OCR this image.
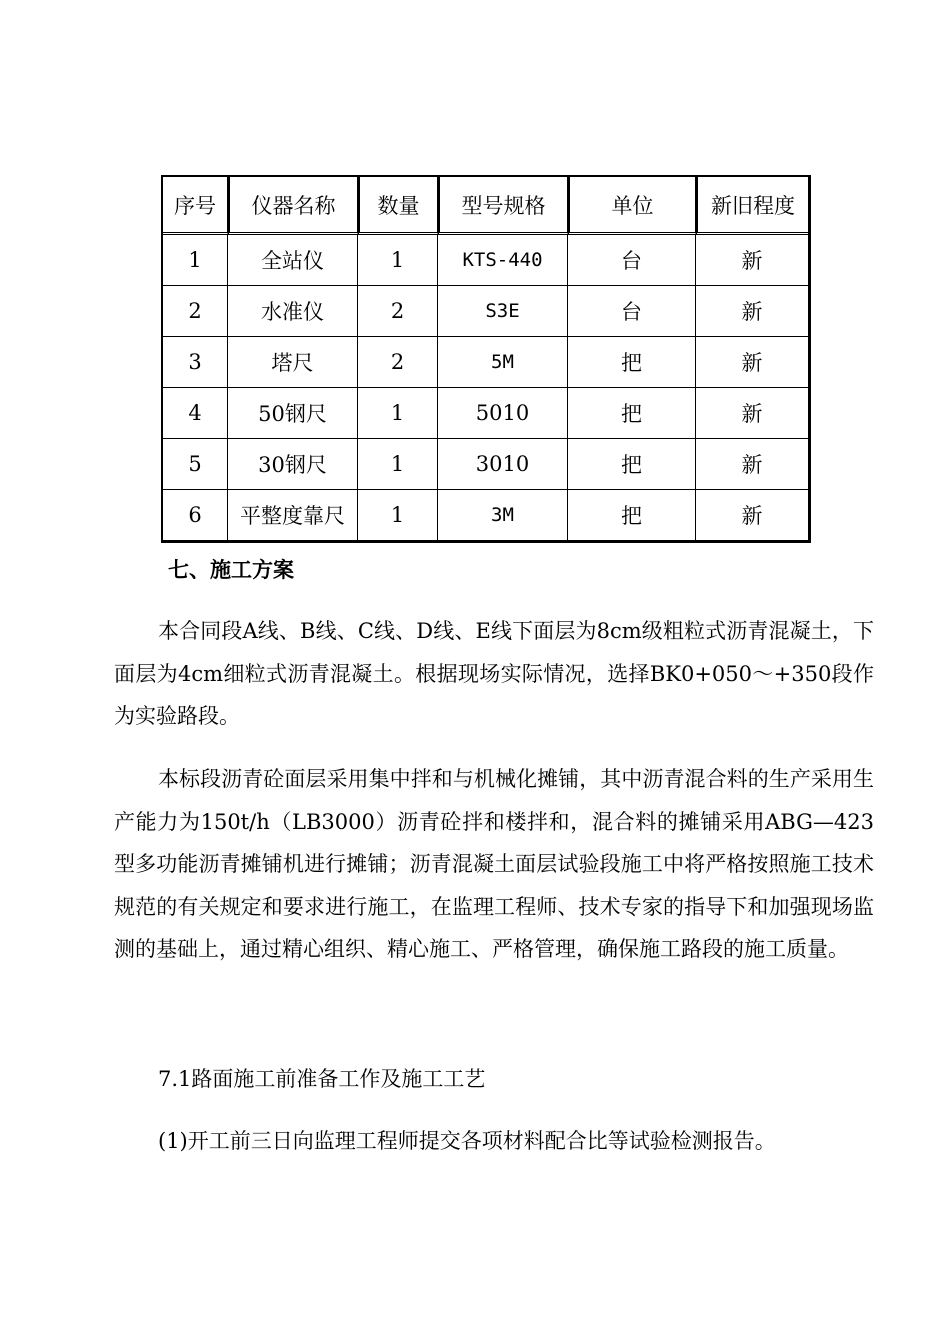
序号	仪器名称	数量	型号规格	单位	新旧程度
1	全站仪	1	KTS-440	台	新
2	水准仪	2	S3E	台	新
3	塔尺	2	5M	把	新
4	50钢尺	1	5010	把	新
5	30钢尺	1	3010	把	新
6	平整度靠尺	1	3M	把	新
七、施工方案

本合同段A线、B线、C线、D线、E线下面层为8cm级粗粒式沥青混凝土，下面层为4cm细粒式沥青混凝土。根据现场实际情况，选择BK0+050～+350段作为实验路段。

本标段沥青砼面层采用集中拌和与机械化摊铺，其中沥青混合料的生产采用生产能力为150t/h（LB3000）沥青砼拌和楼拌和，混合料的摊铺采用ABG—423型多功能沥青摊铺机进行摊铺；沥青混凝土面层试验段施工中将严格按照施工技术规范的有关规定和要求进行施工，在监理工程师、技术专家的指导下和加强现场监测的基础上，通过精心组织、精心施工、严格管理，确保施工路段的施工质量。

7.1路面施工前准备工作及施工工艺
(1)开工前三日向监理工程师提交各项材料配合比等试验检测报告。
